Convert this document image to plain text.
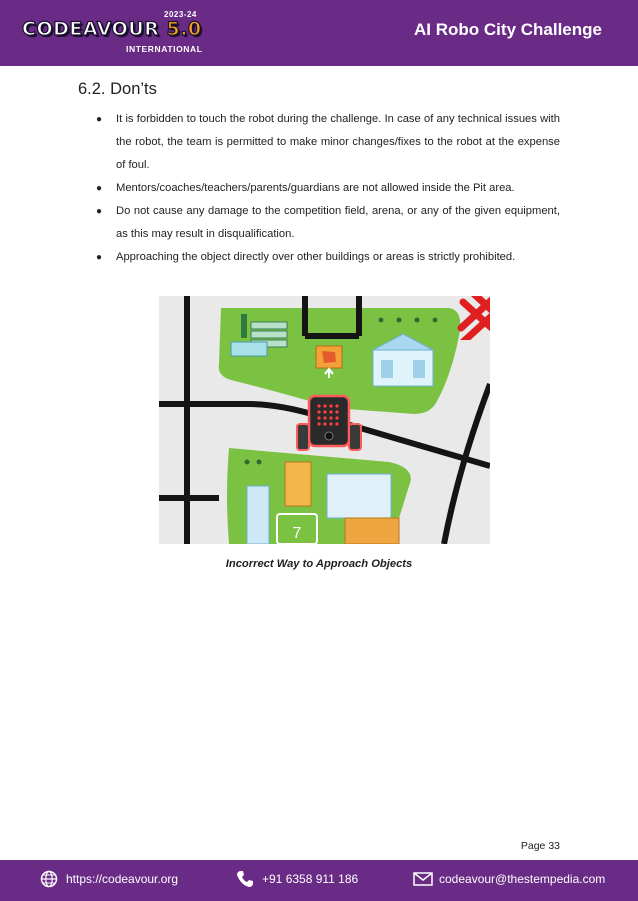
2023-24
CODEAVOUR 5.0
INTERNATIONAL
AI Robo City Challenge
6.2. Don’ts
● It is forbidden to touch the robot during the challenge. In case of any technical issues with the robot, the team is permitted to make minor changes/fixes to the robot at the expense of foul.
● Mentors/coaches/teachers/parents/guardians are not allowed inside the Pit area.
● Do not cause any damage to the competition field, arena, or any of the given equipment, as this may result in disqualification.
● Approaching the object directly over other buildings or areas is strictly prohibited.
7
Incorrect Way to Approach Objects
Page 33
https://codeavour.org	+91 6358 911 186	codeavour@thestempedia.com
